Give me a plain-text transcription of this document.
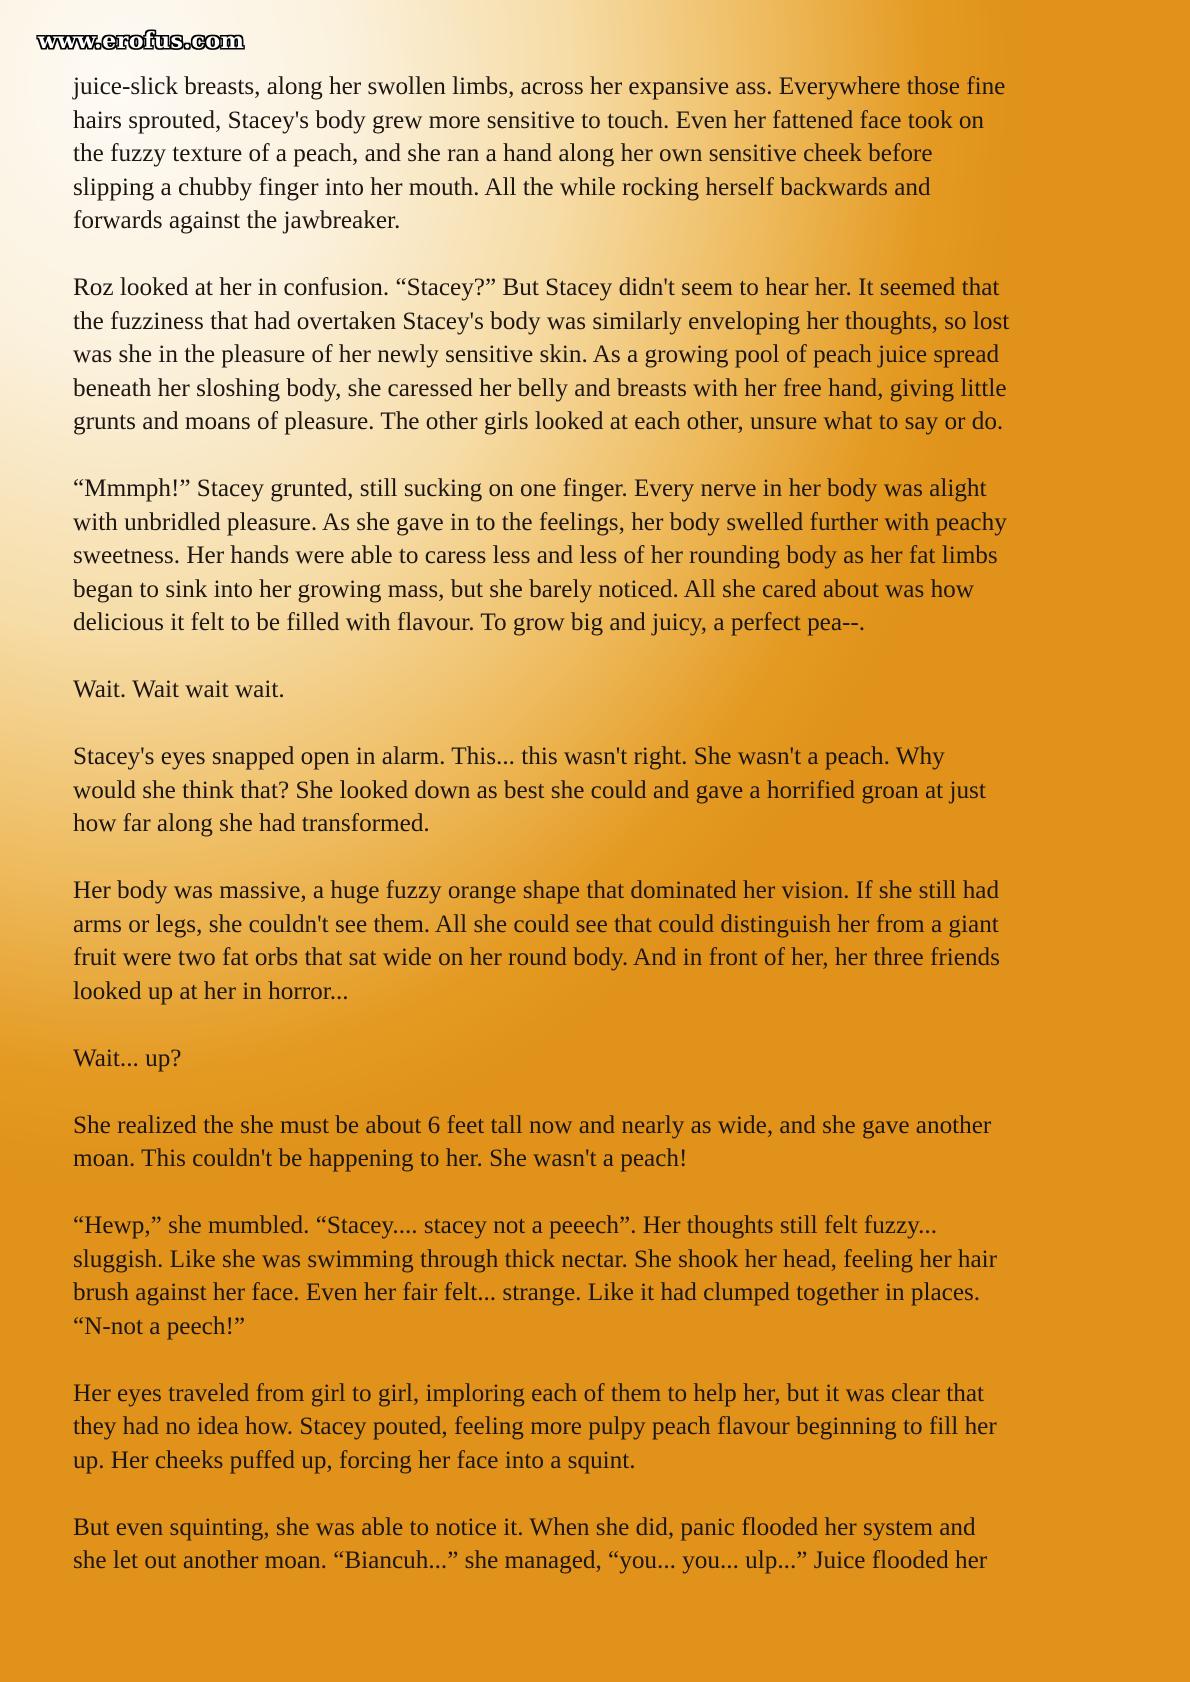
www.erofus.com

juice-slick breasts, along her swollen limbs, across her expansive ass. Everywhere those fine
hairs sprouted, Stacey's body grew more sensitive to touch. Even her fattened face took on
the fuzzy texture of a peach, and she ran a hand along her own sensitive cheek before
slipping a chubby finger into her mouth. All the while rocking herself backwards and
forwards against the jawbreaker.

Roz looked at her in confusion. “Stacey?” But Stacey didn't seem to hear her. It seemed that
the fuzziness that had overtaken Stacey's body was similarly enveloping her thoughts, so lost
was she in the pleasure of her newly sensitive skin. As a growing pool of peach juice spread
beneath her sloshing body, she caressed her belly and breasts with her free hand, giving little
grunts and moans of pleasure. The other girls looked at each other, unsure what to say or do.

“Mmmph!” Stacey grunted, still sucking on one finger. Every nerve in her body was alight
with unbridled pleasure. As she gave in to the feelings, her body swelled further with peachy
sweetness. Her hands were able to caress less and less of her rounding body as her fat limbs
began to sink into her growing mass, but she barely noticed. All she cared about was how
delicious it felt to be filled with flavour. To grow big and juicy, a perfect pea--.

Wait. Wait wait wait.

Stacey's eyes snapped open in alarm. This... this wasn't right. She wasn't a peach. Why
would she think that? She looked down as best she could and gave a horrified groan at just
how far along she had transformed.

Her body was massive, a huge fuzzy orange shape that dominated her vision. If she still had
arms or legs, she couldn't see them. All she could see that could distinguish her from a giant
fruit were two fat orbs that sat wide on her round body. And in front of her, her three friends
looked up at her in horror...

Wait... up?

She realized the she must be about 6 feet tall now and nearly as wide, and she gave another
moan. This couldn't be happening to her. She wasn't a peach!

“Hewp,” she mumbled. “Stacey.... stacey not a peeech”. Her thoughts still felt fuzzy...
sluggish. Like she was swimming through thick nectar. She shook her head, feeling her hair
brush against her face. Even her fair felt... strange. Like it had clumped together in places.
“N-not a peech!”

Her eyes traveled from girl to girl, imploring each of them to help her, but it was clear that
they had no idea how. Stacey pouted, feeling more pulpy peach flavour beginning to fill her
up. Her cheeks puffed up, forcing her face into a squint.

But even squinting, she was able to notice it. When she did, panic flooded her system and
she let out another moan. “Biancuh...” she managed, “you... you... ulp...” Juice flooded her
